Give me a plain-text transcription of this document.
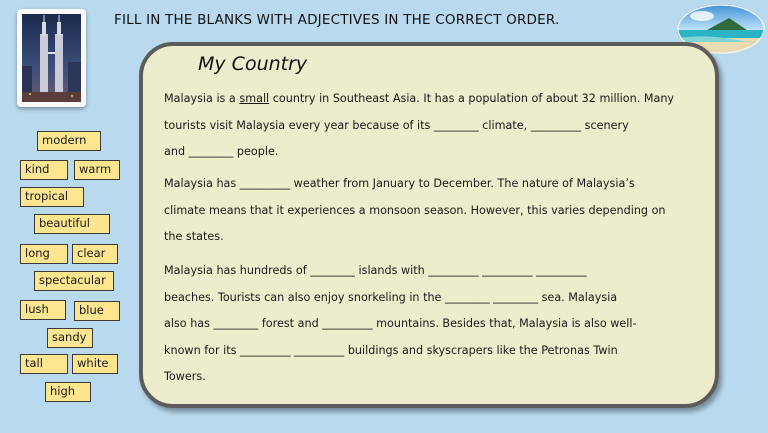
FILL IN THE BLANKS WITH ADJECTIVES IN THE CORRECT ORDER.
My Country
Malaysia is a small country in Southeast Asia. It has a population of about 32 million. Many
tourists visit Malaysia every year because of its ________ climate, _________ scenery
and ________ people.
Malaysia has _________ weather from January to December. The nature of Malaysia’s
climate means that it experiences a monsoon season. However, this varies depending on
the states.
Malaysia has hundreds of ________ islands with _________ _________ _________
beaches. Tourists can also enjoy snorkeling in the ________ ________ sea. Malaysia
also has ________ forest and _________ mountains. Besides that, Malaysia is also well-
known for its _________ _________ buildings and skyscrapers like the Petronas Twin
Towers.
modern
kind	warm
tropical
beautiful
long	clear
spectacular
lush	blue
sandy
tall	white
high
